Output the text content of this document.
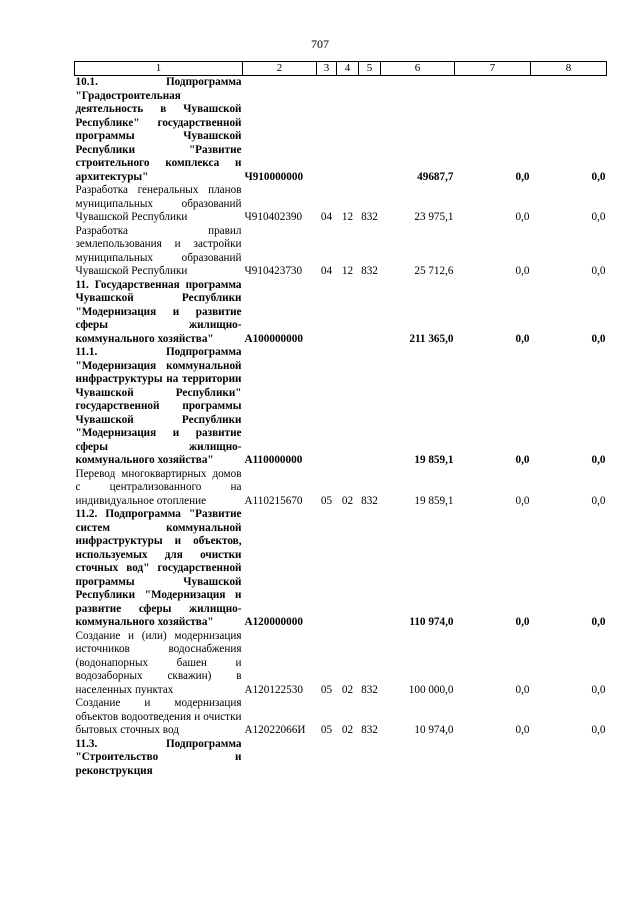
707
1	2	3	4	5	6	7	8
10.1. Подпрограмма "Градостроительная деятельность в Чувашской Республике" государственной программы Чувашской Республики "Развитие строительного комплекса и архитектуры"	Ч910000000				49687,7	0,0	0,0
Разработка генеральных планов муниципальных образований Чувашской Республики	Ч910402390	04	12	832	23 975,1	0,0	0,0
Разработка правил землепользования и застройки муниципальных образований Чувашской Республики	Ч910423730	04	12	832	25 712,6	0,0	0,0
11. Государственная программа Чувашской Республики "Модернизация и развитие сферы жилищно-коммунального хозяйства"	A100000000				211 365,0	0,0	0,0
11.1. Подпрограмма "Модернизация коммунальной инфраструктуры на территории Чувашской Республики" государственной программы Чувашской Республики "Модернизация и развитие сферы жилищно-коммунального хозяйства"	A110000000				19 859,1	0,0	0,0
Перевод многоквартирных домов с централизованного на индивидуальное отопление	A110215670	05	02	832	19 859,1	0,0	0,0
11.2. Подпрограмма "Развитие систем коммунальной инфраструктуры и объектов, используемых для очистки сточных вод" государственной программы Чувашской Республики "Модернизация и развитие сферы жилищно-коммунального хозяйства"	A120000000				110 974,0	0,0	0,0
Создание и (или) модернизация источников водоснабжения (водонапорных башен и водозаборных скважин) в населенных пунктах	A120122530	05	02	832	100 000,0	0,0	0,0
Создание и модернизация объектов водоотведения и очистки бытовых сточных вод	A12022066И	05	02	832	10 974,0	0,0	0,0
11.3. Подпрограмма "Строительство и реконструкция							
